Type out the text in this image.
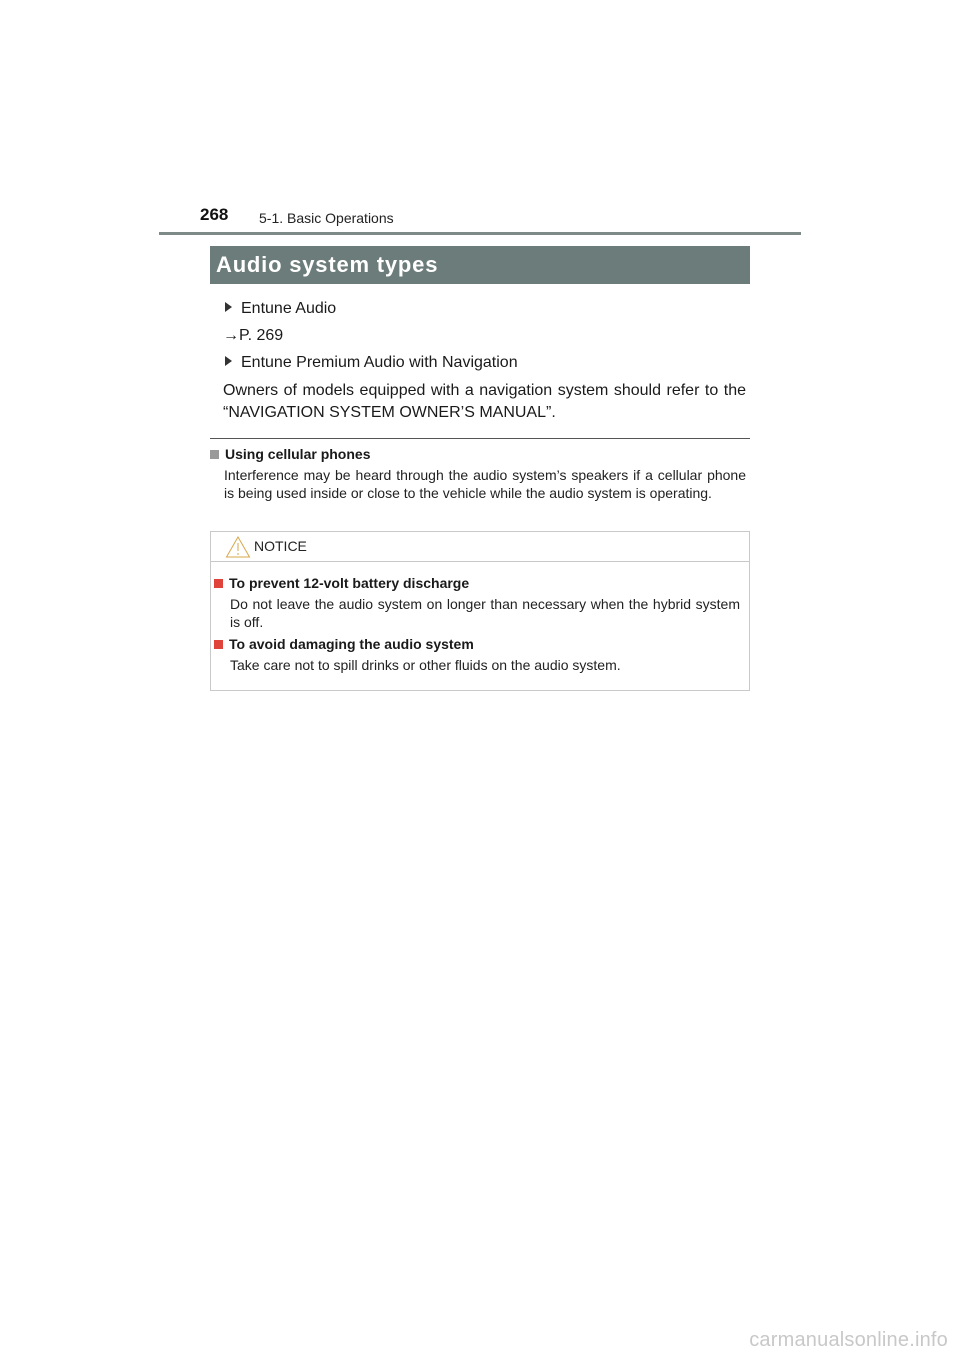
268 5-1. Basic Operations
Audio system types
Entune Audio
→P. 269
Entune Premium Audio with Navigation
Owners of models equipped with a navigation system should refer to the “NAVIGATION SYSTEM OWNER’S MANUAL”.
Using cellular phones
Interference may be heard through the audio system’s speakers if a cellular phone is being used inside or close to the vehicle while the audio system is operating.
NOTICE
To prevent 12-volt battery discharge
Do not leave the audio system on longer than necessary when the hybrid system is off.
To avoid damaging the audio system
Take care not to spill drinks or other fluids on the audio system.
carmanualsonline.info
